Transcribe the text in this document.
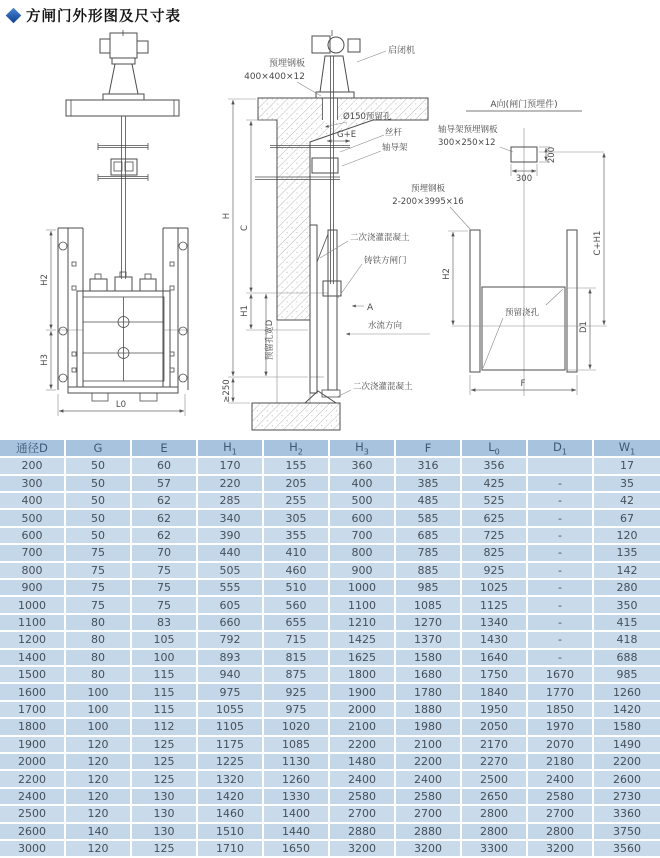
方闸门外形图及尺寸表
H2
H3
L0
预埋钢板
400×400×12
启闭机
Ø150预留孔
G+E	丝杆
轴导架
预埋钢板
2-200×3995×16
二次浇灌混凝土
铸铁方闸门
A
水流方向
二次浇灌混凝土
H
C
H1
预留孔宽D
≥250
A向(闸门预埋件)
轴导架预埋钢板
300×250×12
200
300
预留浇孔
H2
C+H1
D1
F
通径D	G	E	$H_1$	$H_2$	$H_3$	F	$L_0$	$D_1$	$W_1$
200	50	60	170	155	360	316	356		17
300	50	57	220	205	400	385	425	-	35
400	50	62	285	255	500	485	525	-	42
500	50	62	340	305	600	585	625	-	67
600	50	62	390	355	700	685	725	-	120
700	75	70	440	410	800	785	825	-	135
800	75	75	505	460	900	885	925	-	142
900	75	75	555	510	1000	985	1025	-	280
1000	75	75	605	560	1100	1085	1125	-	350
1100	80	83	660	655	1210	1270	1340	-	415
1200	80	105	792	715	1425	1370	1430	-	418
1400	80	100	893	815	1625	1580	1640	-	688
1500	80	115	940	875	1800	1680	1750	1670	985
1600	100	115	975	925	1900	1780	1840	1770	1260
1700	100	115	1055	975	2000	1880	1950	1850	1420
1800	100	112	1105	1020	2100	1980	2050	1970	1580
1900	120	125	1175	1085	2200	2100	2170	2070	1490
2000	120	125	1225	1130	1480	2200	2270	2180	2200
2200	120	125	1320	1260	2400	2400	2500	2400	2600
2400	120	130	1420	1330	2580	2580	2650	2580	2730
2500	120	130	1460	1400	2700	2700	2800	2700	3360
2600	140	130	1510	1440	2880	2880	2800	2800	3750
3000	120	125	1710	1650	3200	3200	3300	3200	3560
